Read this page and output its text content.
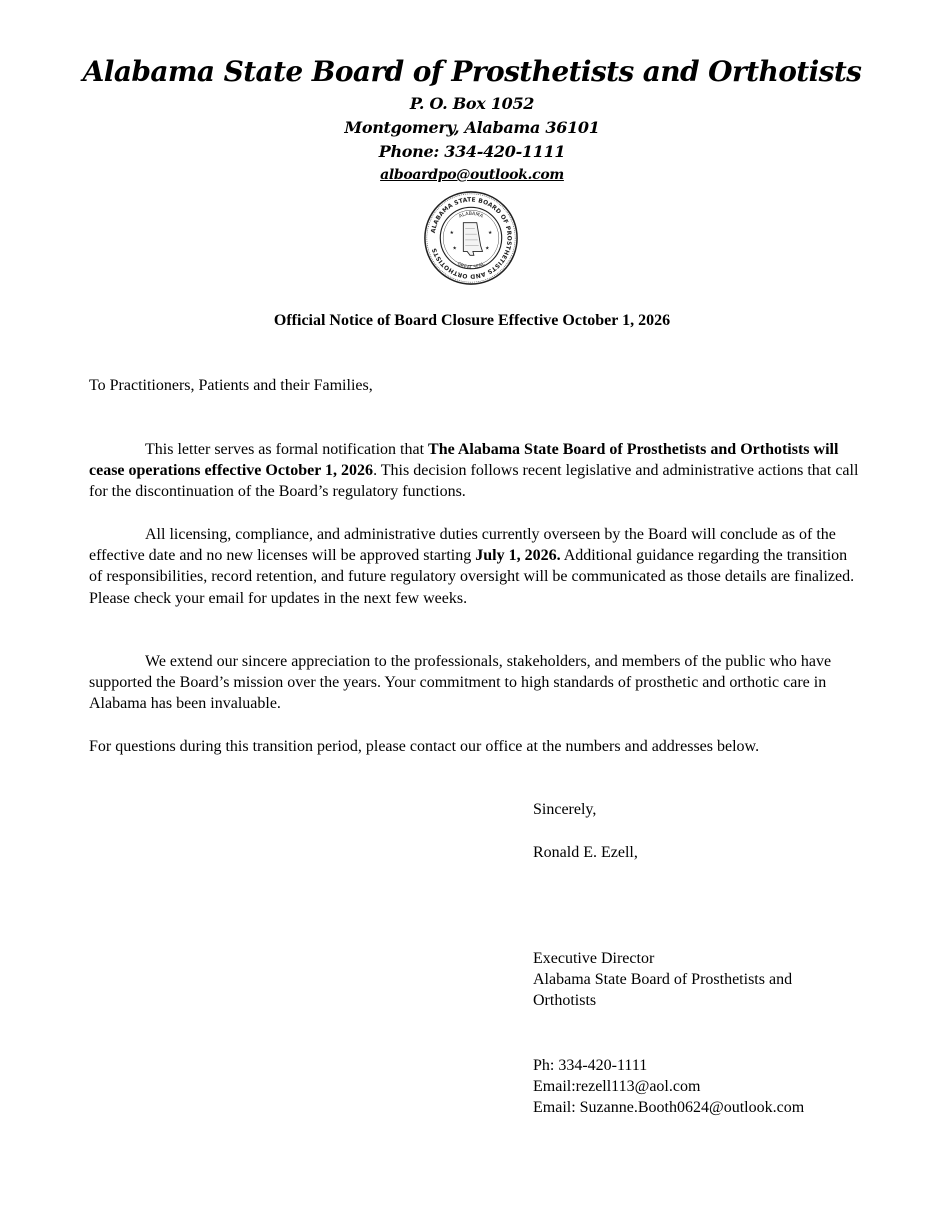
Alabama State Board of Prosthetists and Orthotists
P. O. Box 1052
Montgomery, Alabama 36101
Phone: 334-420-1111
alboardpo@outlook.com
ALABAMA STATE BOARD OF PROSTHETISTS AND ORTHOTISTS
ALABAMA
GREAT SEAL
★	★
★	★
Official Notice of Board Closure Effective October 1, 2026

To Practitioners, Patients and their Families,

This letter serves as formal notification that The Alabama State Board of Prosthetists and Orthotists will cease operations effective October 1, 2026. This decision follows recent legislative and administrative actions that call for the discontinuation of the Board’s regulatory functions.

All licensing, compliance, and administrative duties currently overseen by the Board will conclude as of the effective date and no new licenses will be approved starting July 1, 2026. Additional guidance regarding the transition of responsibilities, record retention, and future regulatory oversight will be communicated as those details are finalized. Please check your email for updates in the next few weeks.

We extend our sincere appreciation to the professionals, stakeholders, and members of the public who have supported the Board’s mission over the years. Your commitment to high standards of prosthetic and orthotic care in Alabama has been invaluable.

For questions during this transition period, please contact our office at the numbers and addresses below.

Sincerely,
Ronald E. Ezell,
Executive Director
Alabama State Board of Prosthetists and
Orthotists
Ph: 334-420-1111
Email:rezell113@aol.com
Email: Suzanne.Booth0624@outlook.com
